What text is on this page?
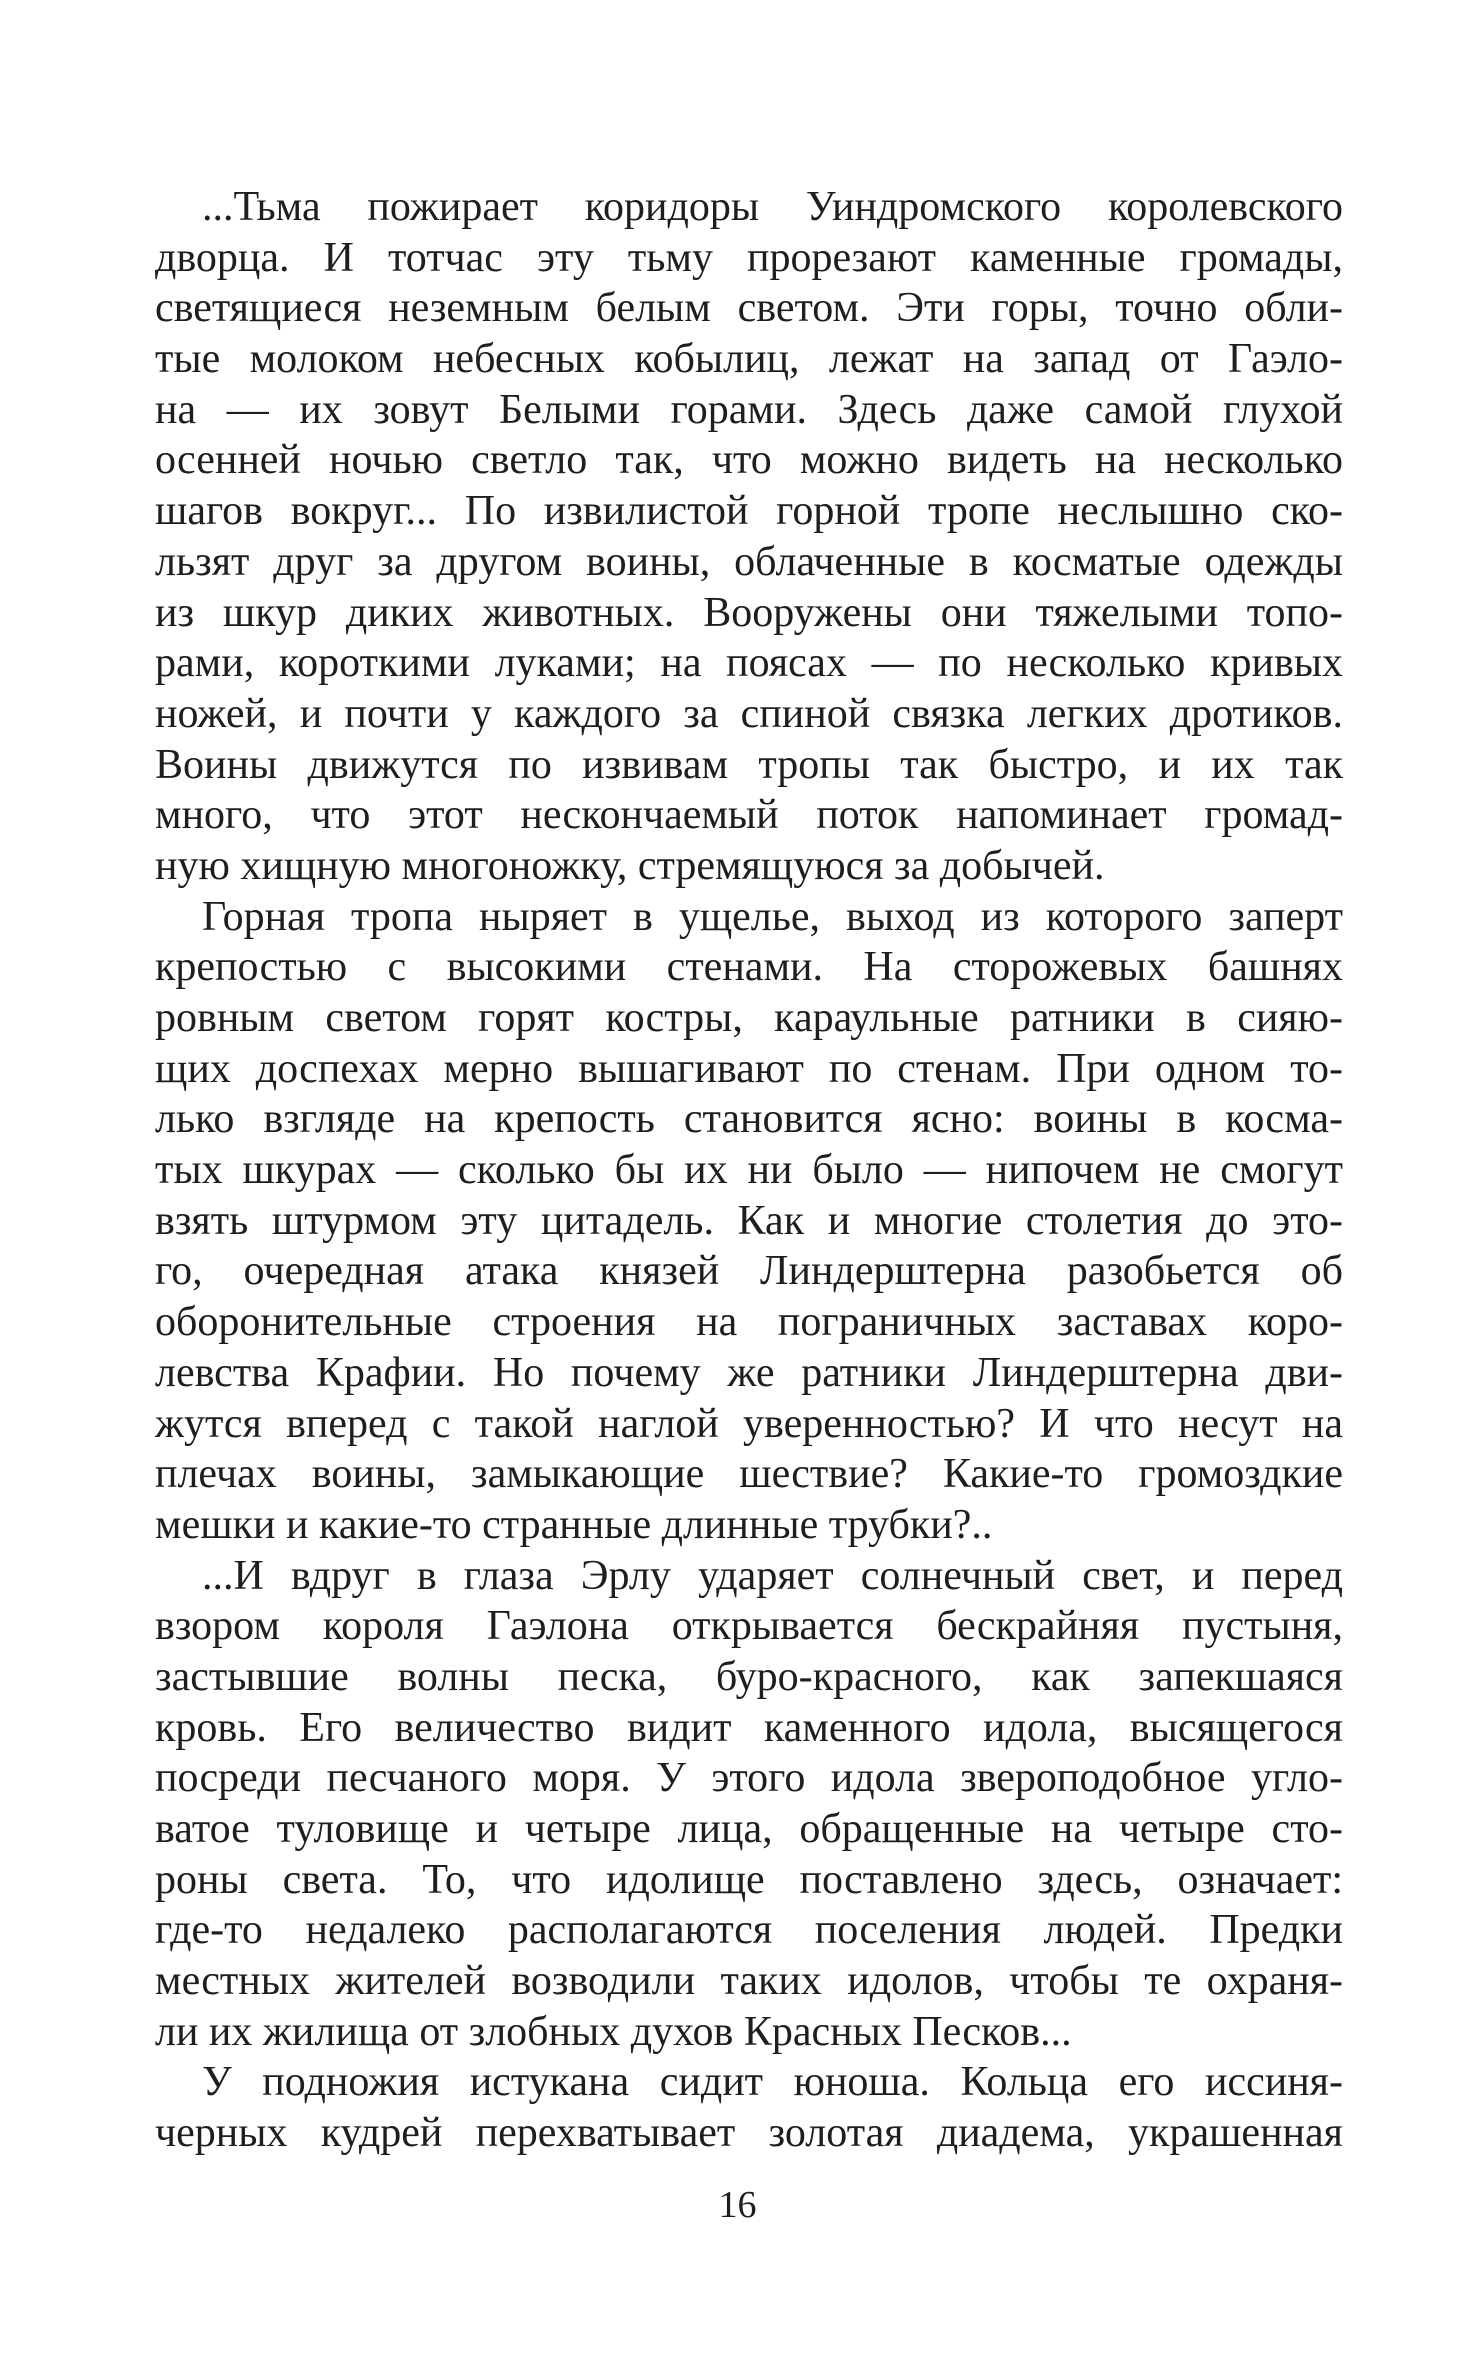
...Тьма пожирает коридоры Уиндромского королевского
дворца. И тотчас эту тьму прорезают каменные громады,
светящиеся неземным белым светом. Эти горы, точно обли-
тые молоком небесных кобылиц, лежат на запад от Гаэло-
на — их зовут Белыми горами. Здесь даже самой глухой
осенней ночью светло так, что можно видеть на несколько
шагов вокруг... По извилистой горной тропе неслышно ско-
льзят друг за другом воины, облаченные в косматые одежды
из шкур диких животных. Вооружены они тяжелыми топо-
рами, короткими луками; на поясах — по несколько кривых
ножей, и почти у каждого за спиной связка легких дротиков.
Воины движутся по извивам тропы так быстро, и их так
много, что этот нескончаемый поток напоминает громад-
ную хищную многоножку, стремящуюся за добычей.
Горная тропа ныряет в ущелье, выход из которого заперт
крепостью с высокими стенами. На сторожевых башнях
ровным светом горят костры, караульные ратники в сияю-
щих доспехах мерно вышагивают по стенам. При одном то-
лько взгляде на крепость становится ясно: воины в косма-
тых шкурах — сколько бы их ни было — нипочем не смогут
взять штурмом эту цитадель. Как и многие столетия до это-
го, очередная атака князей Линдерштерна разобьется об
оборонительные строения на пограничных заставах коро-
левства Крафии. Но почему же ратники Линдерштерна дви-
жутся вперед с такой наглой уверенностью? И что несут на
плечах воины, замыкающие шествие? Какие-то громоздкие
мешки и какие-то странные длинные трубки?..
...И вдруг в глаза Эрлу ударяет солнечный свет, и перед
взором короля Гаэлона открывается бескрайняя пустыня,
застывшие волны песка, буро-красного, как запекшаяся
кровь. Его величество видит каменного идола, высящегося
посреди песчаного моря. У этого идола звероподобное угло-
ватое туловище и четыре лица, обращенные на четыре сто-
роны света. То, что идолище поставлено здесь, означает:
где-то недалеко располагаются поселения людей. Предки
местных жителей возводили таких идолов, чтобы те охраня-
ли их жилища от злобных духов Красных Песков...
У подножия истукана сидит юноша. Кольца его иссиня-
черных кудрей перехватывает золотая диадема, украшенная
16
